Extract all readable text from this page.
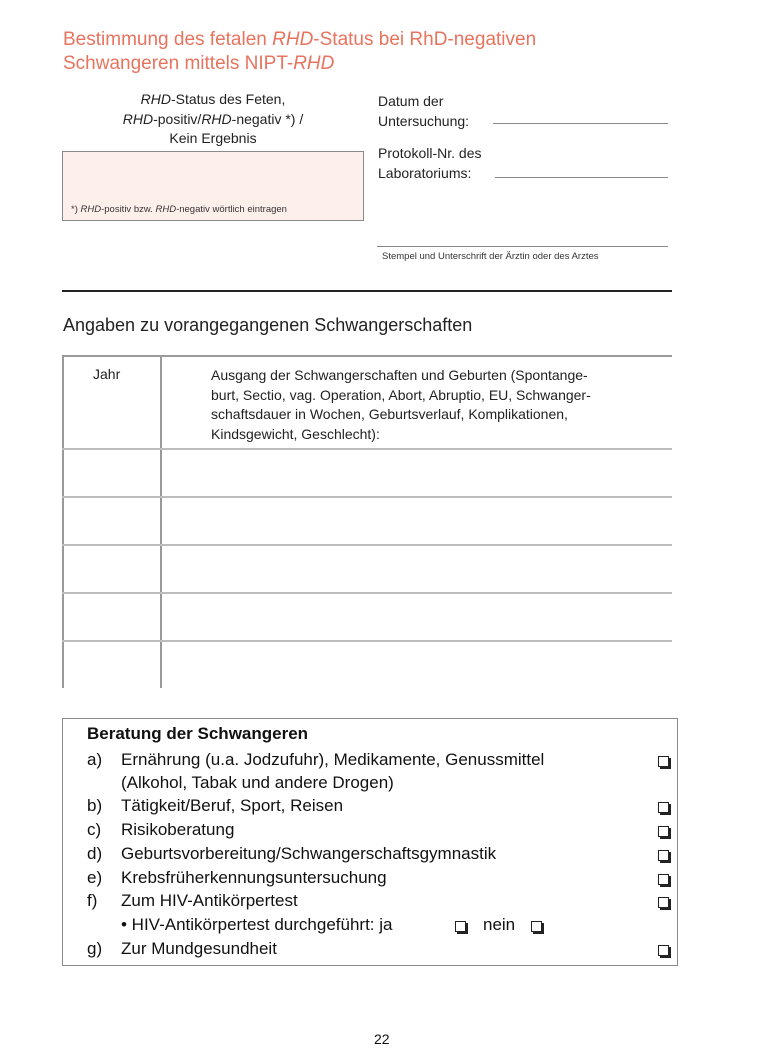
Bestimmung des fetalen RHD-Status bei RhD-negativen
Schwangeren mittels NIPT-RHD
RHD-Status des Feten,
RHD-positiv/RHD-negativ *) /
Kein Ergebnis
*) RHD-positiv bzw. RHD-negativ wörtlich eintragen
Datum der
Untersuchung:
Protokoll-Nr. des
Laboratoriums:
Stempel und Unterschrift der Ärztin oder des Arztes
Angaben zu vorangegangenen Schwangerschaften
Jahr	Ausgang der Schwangerschaften und Geburten (Spontange-
burt, Sectio, vag. Operation, Abort, Abruptio, EU, Schwanger-
schaftsdauer in Wochen, Geburtsverlauf, Komplikationen,
Kindsgewicht, Geschlecht):
Beratung der Schwangeren
a)	Ernährung (u.a. Jodzufuhr), Medikamente, Genussmittel
(Alkohol, Tabak und andere Drogen)
b)	Tätigkeit/Beruf, Sport, Reisen
c)	Risikoberatung
d)	Geburtsvorbereitung/Schwangerschaftsgymnastik
e)	Krebsfrüherkennungsuntersuchung
f)	Zum HIV-Antikörpertest
• HIV-Antikörpertest durchgeführt: ja	nein
g)	Zur Mundgesundheit
22
